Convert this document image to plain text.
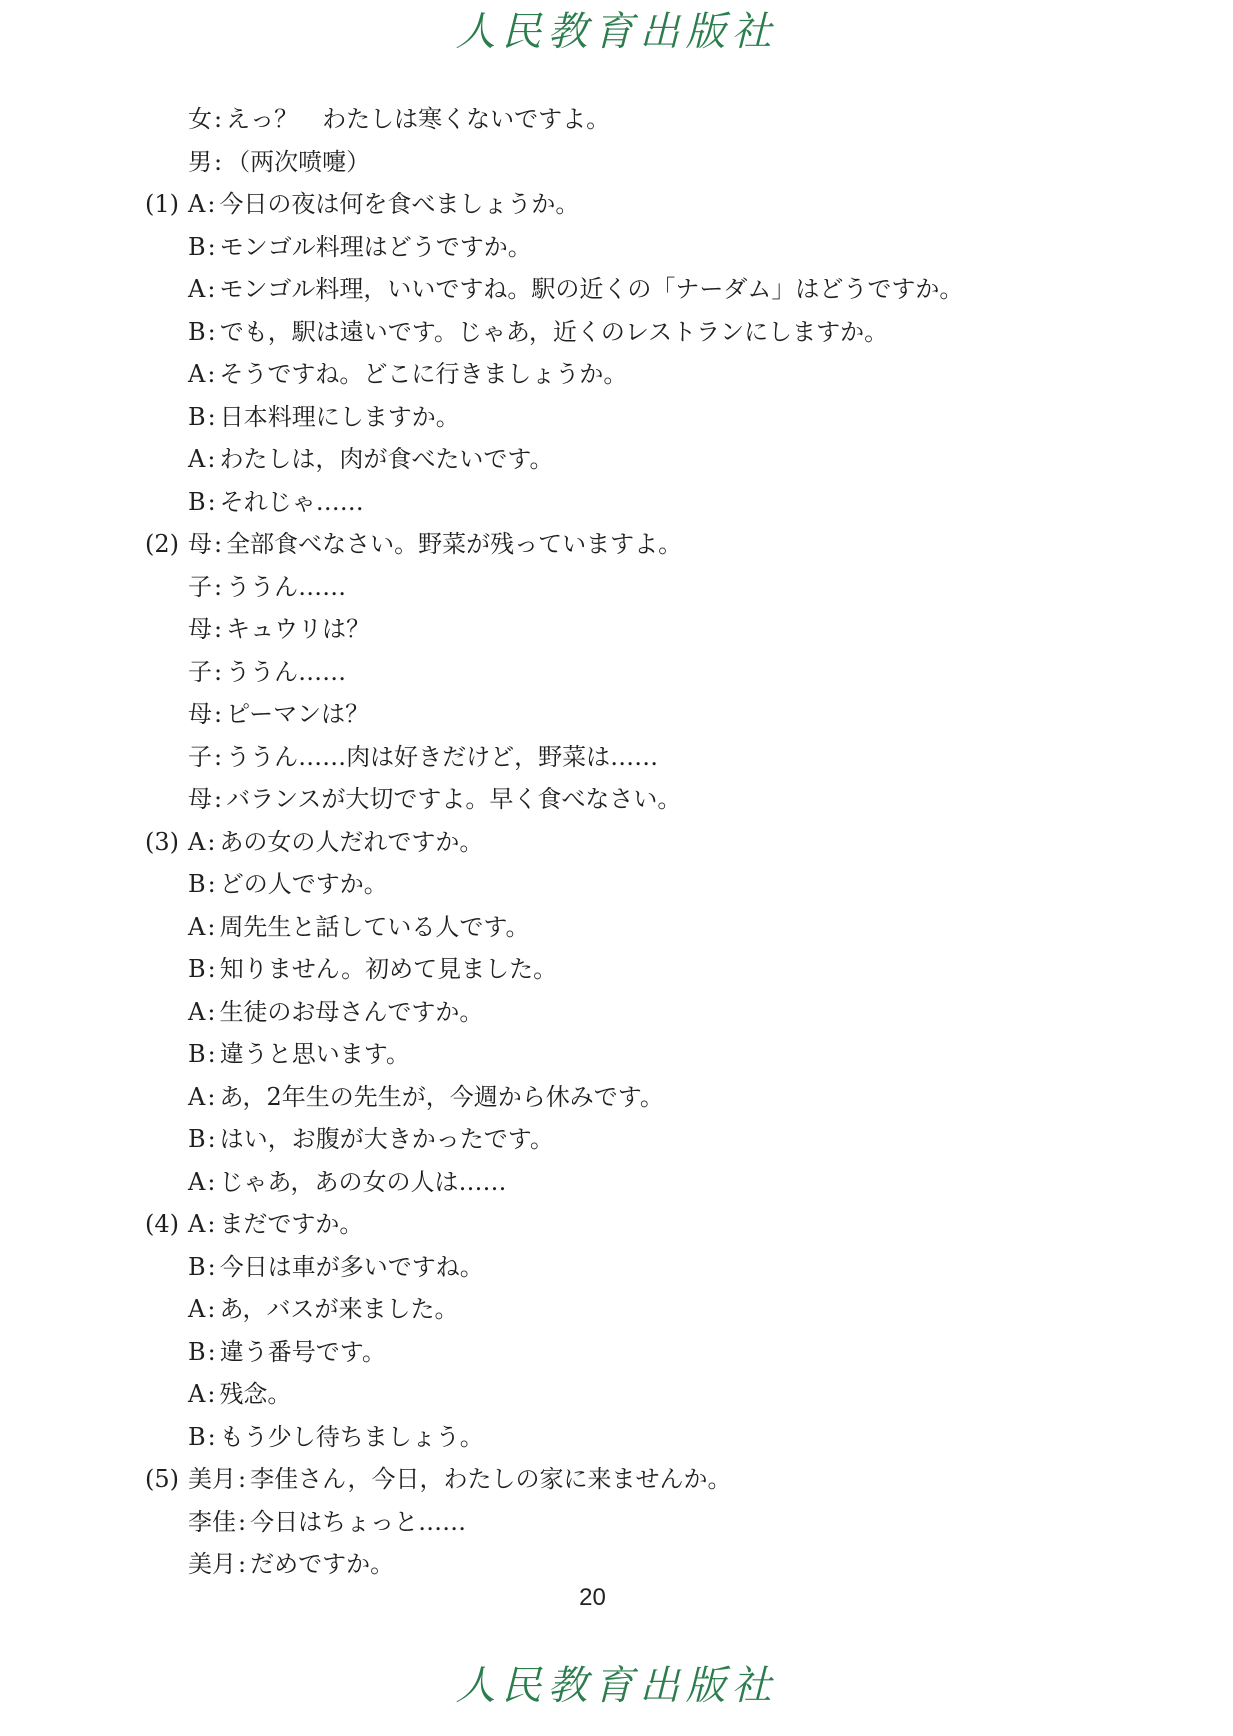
人民教育出版社
女: えっ？　わたしは寒くないですよ。
男: （两次喷嚏）
(1) A: 今日の夜は何を食べましょうか。
B: モンゴル料理はどうですか。
A: モンゴル料理，いいですね。駅の近くの「ナーダム」はどうですか。
B: でも，駅は遠いです。じゃあ，近くのレストランにしますか。
A: そうですね。どこに行きましょうか。
B: 日本料理にしますか。
A: わたしは，肉が食べたいです。
B: それじゃ……
(2) 母: 全部食べなさい。野菜が残っていますよ。
子: ううん……
母: キュウリは？
子: ううん……
母: ピーマンは？
子: ううん……肉は好きだけど，野菜は……
母: バランスが大切ですよ。早く食べなさい。
(3) A: あの女の人だれですか。
B: どの人ですか。
A: 周先生と話している人です。
B: 知りません。初めて見ました。
A: 生徒のお母さんですか。
B: 違うと思います。
A: あ，2年生の先生が，今週から休みです。
B: はい，お腹が大きかったです。
A: じゃあ，あの女の人は……
(4) A: まだですか。
B: 今日は車が多いですね。
A: あ，バスが来ました。
B: 違う番号です。
A: 残念。
B: もう少し待ちましょう。
(5) 美月: 李佳さん，今日，わたしの家に来ませんか。
李佳: 今日はちょっと……
美月: だめですか。
20
人民教育出版社
